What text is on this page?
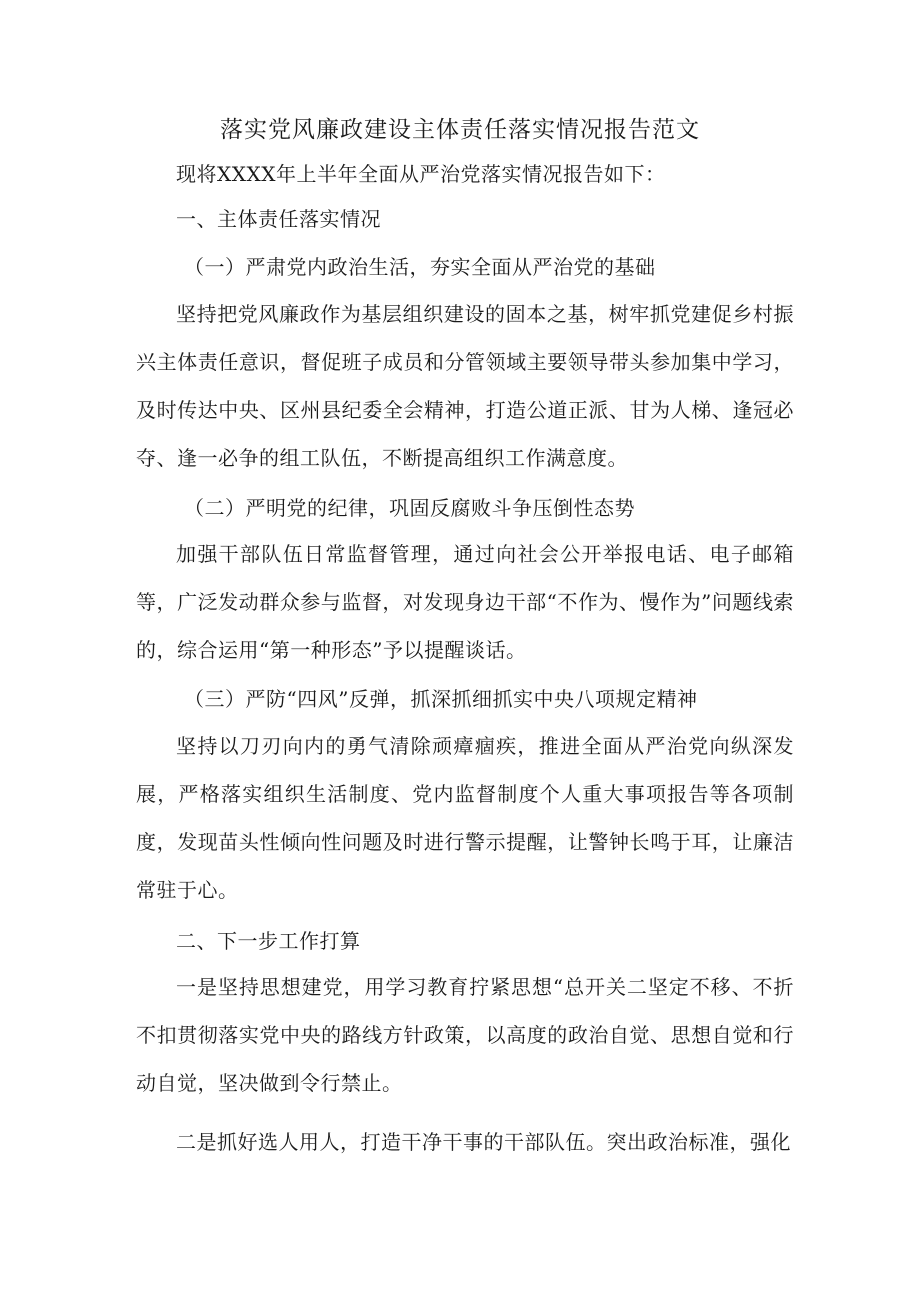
落实党风廉政建设主体责任落实情况报告范文
现将XXXX年上半年全面从严治党落实情况报告如下：
一、主体责任落实情况
（一）严肃党内政治生活，夯实全面从严治党的基础
坚持把党风廉政作为基层组织建设的固本之基，树牢抓党建促乡村振兴主体责任意识，督促班子成员和分管领域主要领导带头参加集中学习，及时传达中央、区州县纪委全会精神，打造公道正派、甘为人梯、逢冠必夺、逢一必争的组工队伍，不断提高组织工作满意度。
（二）严明党的纪律，巩固反腐败斗争压倒性态势
加强干部队伍日常监督管理，通过向社会公开举报电话、电子邮箱等，广泛发动群众参与监督，对发现身边干部“不作为、慢作为”问题线索的，综合运用“第一种形态”予以提醒谈话。
（三）严防“四风”反弹，抓深抓细抓实中央八项规定精神
坚持以刀刃向内的勇气清除顽瘴痼疾，推进全面从严治党向纵深发展，严格落实组织生活制度、党内监督制度个人重大事项报告等各项制度，发现苗头性倾向性问题及时进行警示提醒，让警钟长鸣于耳，让廉洁常驻于心。
二、下一步工作打算
一是坚持思想建党，用学习教育拧紧思想“总开关二坚定不移、不折不扣贯彻落实党中央的路线方针政策，以高度的政治自觉、思想自觉和行动自觉，坚决做到令行禁止。
二是抓好选人用人，打造干净干事的干部队伍。突出政治标准，强化
